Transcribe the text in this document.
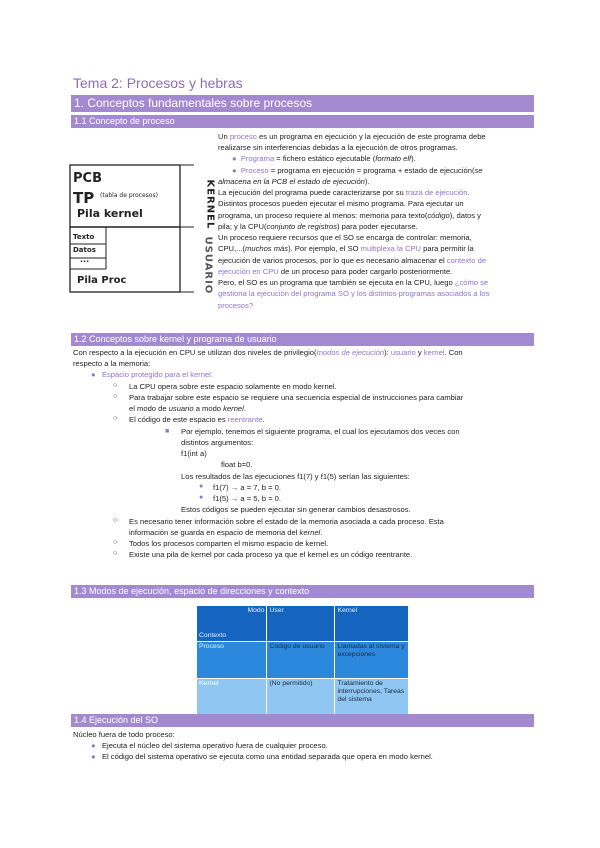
Tema 2: Procesos y hebras
1. Conceptos fundamentales sobre procesos
1.1 Concepto de proceso
PCB
TP (tabla de procesos)
Pila kernel
Texto
Datos
...
Pila Proc
KERNEL
USUARIO
Un proceso es un programa en ejecución y la ejecución de este programa debe
realizarse sin interferencias debidas a la ejecución de otros programas.
● Programa = fichero estático ejecutable (formato elf).
● Proceso = programa en ejecución = programa + estado de ejecución(se
almacena en la PCB el estado de ejecución).
La ejecución del programa puede caracterizarse por su traza de ejecución.
Distintos procesos pueden ejecutar el mismo programa. Para ejecutar un
programa, un proceso requiere al menos: memoria para texto(código), datos y
pila; y la CPU(conjunto de registros) para poder ejecutarse.
Un proceso requiere recursos que el SO se encarga de controlar: memoria,
CPU,...(muchos más). Por ejemplo, el SO multiplexa la CPU para permitir la
ejecución de varios procesos, por lo que es necesario almacenar el contexto de
ejecución en CPU de un proceso para poder cargarlo posteriormente.
Pero, el SO es un programa que también se ejecuta en la CPU, luego ¿cómo se
gestiona la ejecución del programa SO y los distintos programas asociados a los
procesos?
1.2 Conceptos sobre kernel y programa de usuario
Con respecto a la ejecución en CPU se utilizan dos niveles de privilegio(modos de ejecución): usuario y kernel. Con
respecto a la memoria:
● Espacio protegido para el kernel:
○ La CPU opera sobre este espacio solamente en modo kernel.
○ Para trabajar sobre este espacio se requiere una secuencia especial de instrucciones para cambiar
el modo de usuario a modo kernel.
○ El código de este espacio es reentrante.
■ Por ejemplo, tenemos el siguiente programa, el cual los ejecutamos dos veces con
distintos argumentos:
f1(int a)
float b=0.
Los resultados de las ejecuciones f1(7) y f1(5) serían las siguientes:
● f1(7) → a = 7, b = 0.
● f1(5) → a = 5, b = 0.
Estos códigos se pueden ejecutar sin generar cambios desastrosos.
○ Es necesario tener información sobre el estado de la memoria asociada a cada proceso. Esta
información se guarda en espacio de memoria del kernel.
○ Todos los procesos comparten el mismo espacio de kernel.
○ Existe una pila de kernel por cada proceso ya que el kernel es un código reentrante.
1.3 Modos de ejecución, espacio de direcciones y contexto
Modo
Contexto	User	Kernel
Proceso	Código de usuario	Llamadas al sistema y excepciones
Kernel	(No permitido)	Tratamiento de interrupciones, Tareas del sistema
1.4 Ejecución del SO
Núcleo fuera de todo proceso:
● Ejecuta el núcleo del sistema operativo fuera de cualquier proceso.
● El código del sistema operativo se ejecuta como una entidad separada que opera en modo kernel.
